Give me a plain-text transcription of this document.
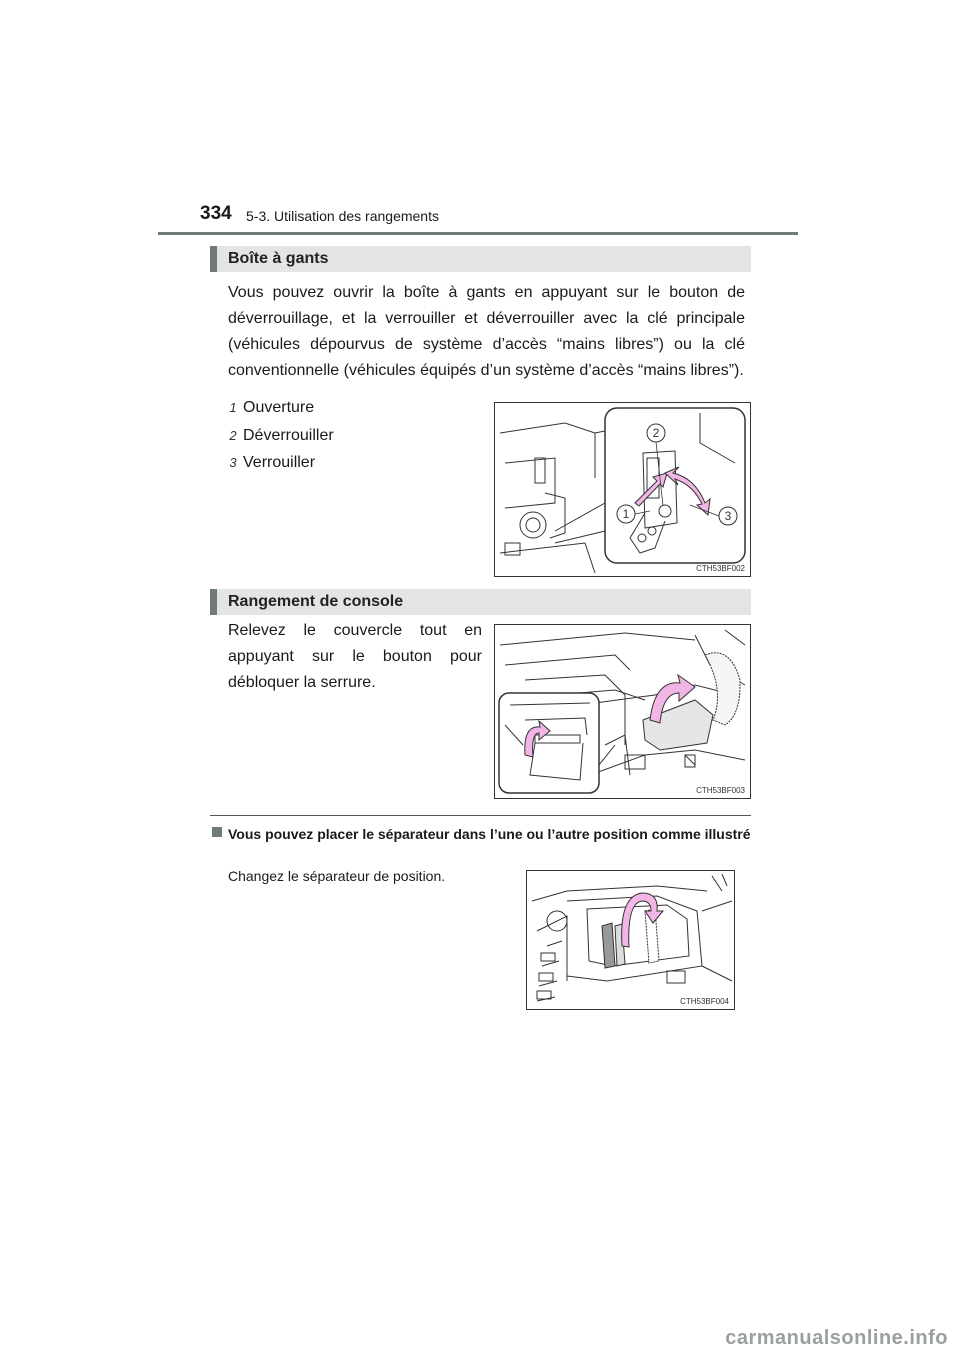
334 5-3. Utilisation des rangements
Boîte à gants
Vous pouvez ouvrir la boîte à gants en appuyant sur le bouton de déverrouillage, et la verrouiller et déverrouiller avec la clé principale (véhicules dépourvus de système d’accès “mains libres”) ou la clé conventionnelle (véhicules équipés d’un système d’accès “mains libres”).
1 Ouverture
2 Déverrouiller
3 Verrouiller
2
1	3
CTH53BF002
Rangement de console
Relevez le couvercle tout en appuyant sur le bouton pour débloquer la serrure.
CTH53BF003
Vous pouvez placer le séparateur dans l’une ou l’autre position comme illustré
Changez le séparateur de position.
CTH53BF004
carmanualsonline.info
